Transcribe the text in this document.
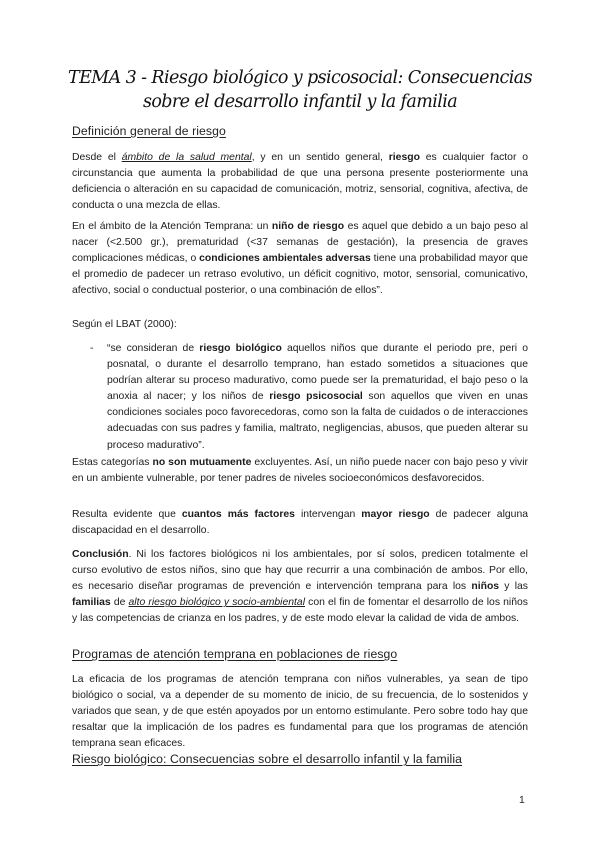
TEMA 3 - Riesgo biológico y psicosocial: Consecuencias sobre el desarrollo infantil y la familia
Definición general de riesgo
Desde el ámbito de la salud mental, y en un sentido general, riesgo es cualquier factor o circunstancia que aumenta la probabilidad de que una persona presente posteriormente una deficiencia o alteración en su capacidad de comunicación, motriz, sensorial, cognitiva, afectiva, de conducta o una mezcla de ellas.
En el ámbito de la Atención Temprana: un niño de riesgo es aquel que debido a un bajo peso al nacer (<2.500 gr.), prematuridad (<37 semanas de gestación), la presencia de graves complicaciones médicas, o condiciones ambientales adversas tiene una probabilidad mayor que el promedio de padecer un retraso evolutivo, un déficit cognitivo, motor, sensorial, comunicativo, afectivo, social o conductual posterior, o una combinación de ellos”.
Según el LBAT (2000):
- “se consideran de riesgo biológico aquellos niños que durante el periodo pre, peri o posnatal, o durante el desarrollo temprano, han estado sometidos a situaciones que podrían alterar su proceso madurativo, como puede ser la prematuridad, el bajo peso o la anoxia al nacer; y los niños de riesgo psicosocial son aquellos que viven en unas condiciones sociales poco favorecedoras, como son la falta de cuidados o de interacciones adecuadas con sus padres y familia, maltrato, negligencias, abusos, que pueden alterar su proceso madurativo”.
Estas categorías no son mutuamente excluyentes. Así, un niño puede nacer con bajo peso y vivir en un ambiente vulnerable, por tener padres de niveles socioeconómicos desfavorecidos.
Resulta evidente que cuantos más factores intervengan mayor riesgo de padecer alguna discapacidad en el desarrollo.
Conclusión. Ni los factores biológicos ni los ambientales, por sí solos, predicen totalmente el curso evolutivo de estos niños, sino que hay que recurrir a una combinación de ambos. Por ello, es necesario diseñar programas de prevención e intervención temprana para los niños y las familias de alto riesgo biológico y socio-ambiental con el fin de fomentar el desarrollo de los niños y las competencias de crianza en los padres, y de este modo elevar la calidad de vida de ambos.
Programas de atención temprana en poblaciones de riesgo
La eficacia de los programas de atención temprana con niños vulnerables, ya sean de tipo biológico o social, va a depender de su momento de inicio, de su frecuencia, de lo sostenidos y variados que sean, y de que estén apoyados por un entorno estimulante. Pero sobre todo hay que resaltar que la implicación de los padres es fundamental para que los programas de atención temprana sean eficaces.
Riesgo biológico: Consecuencias sobre el desarrollo infantil y la familia
1
